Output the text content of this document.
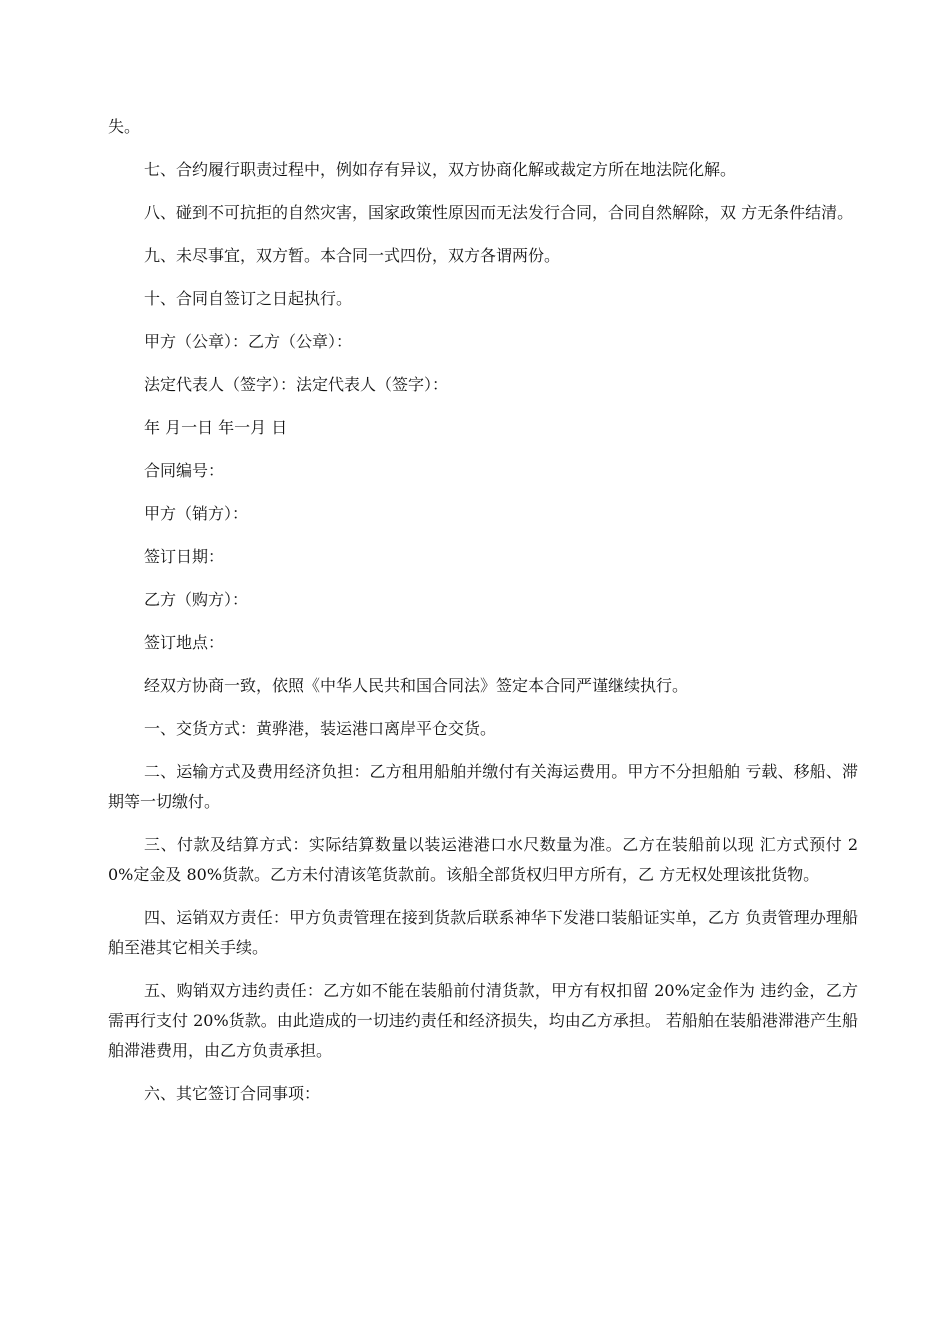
失。

七、合约履行职责过程中，例如存有异议，双方协商化解或裁定方所在地法院化解。

八、碰到不可抗拒的自然灾害，国家政策性原因而无法发行合同，合同自然解除，双 方无条件结清。

九、未尽事宜，双方暂。本合同一式四份，双方各谓两份。

十、合同自签订之日起执行。

甲方（公章）：乙方（公章）：

法定代表人（签字）：法定代表人（签字）：

年 月一日 年一月 日

合同编号：

甲方（销方）：

签订日期：

乙方（购方）：

签订地点：

经双方协商一致，依照《中华人民共和国合同法》签定本合同严谨继续执行。

一、交货方式：黄骅港，装运港口离岸平仓交货。

二、运输方式及费用经济负担：乙方租用船舶并缴付有关海运费用。甲方不分担船舶 亏载、移船、滞期等一切缴付。

三、付款及结算方式：实际结算数量以装运港港口水尺数量为准。乙方在装船前以现 汇方式预付 20%定金及 80%货款。乙方未付清该笔货款前。该船全部货权归甲方所有，乙 方无权处理该批货物。

四、运销双方责任：甲方负责管理在接到货款后联系神华下发港口装船证实单，乙方 负责管理办理船舶至港其它相关手续。

五、购销双方违约责任：乙方如不能在装船前付清货款，甲方有权扣留 20%定金作为 违约金，乙方需再行支付 20%货款。由此造成的一切违约责任和经济损失，均由乙方承担。 若船舶在装船港滞港产生船舶滞港费用，由乙方负责承担。

六、其它签订合同事项：
